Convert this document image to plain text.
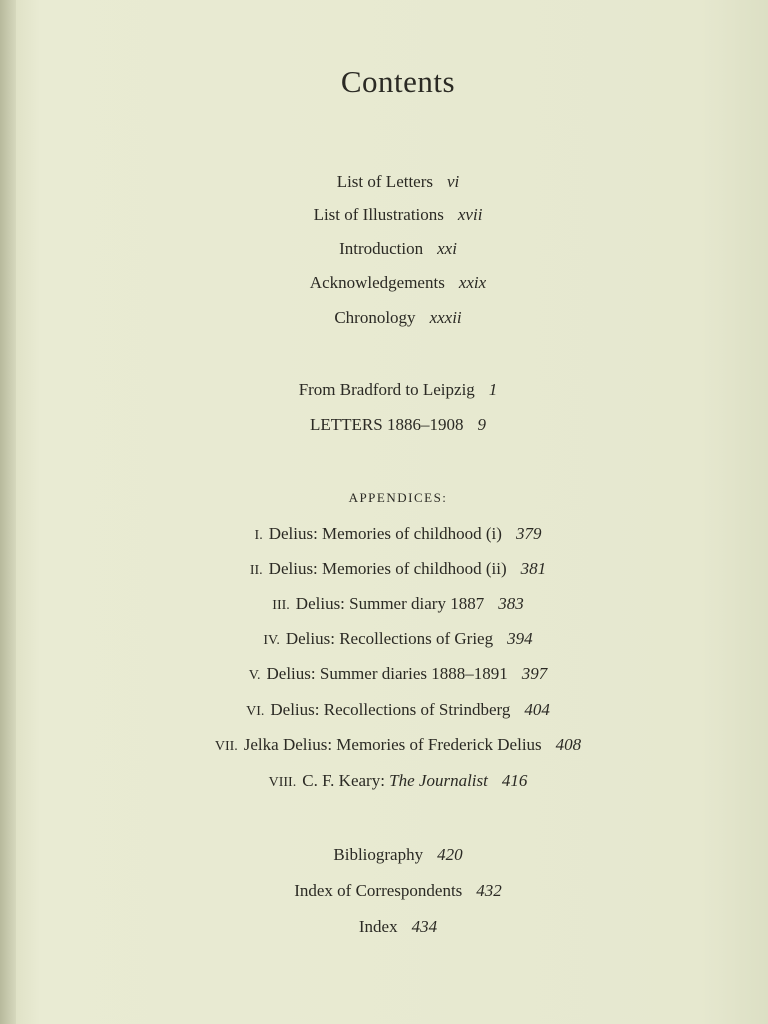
Contents
List of Letters vi
List of Illustrations xvii
Introduction xxi
Acknowledgements xxix
Chronology xxxii
From Bradford to Leipzig 1
LETTERS 1886–1908 9
APPENDICES:
I. Delius: Memories of childhood (i) 379
II. Delius: Memories of childhood (ii) 381
III. Delius: Summer diary 1887 383
IV. Delius: Recollections of Grieg 394
V. Delius: Summer diaries 1888–1891 397
VI. Delius: Recollections of Strindberg 404
VII. Jelka Delius: Memories of Frederick Delius 408
VIII. C. F. Keary: The Journalist 416
Bibliography 420
Index of Correspondents 432
Index 434
